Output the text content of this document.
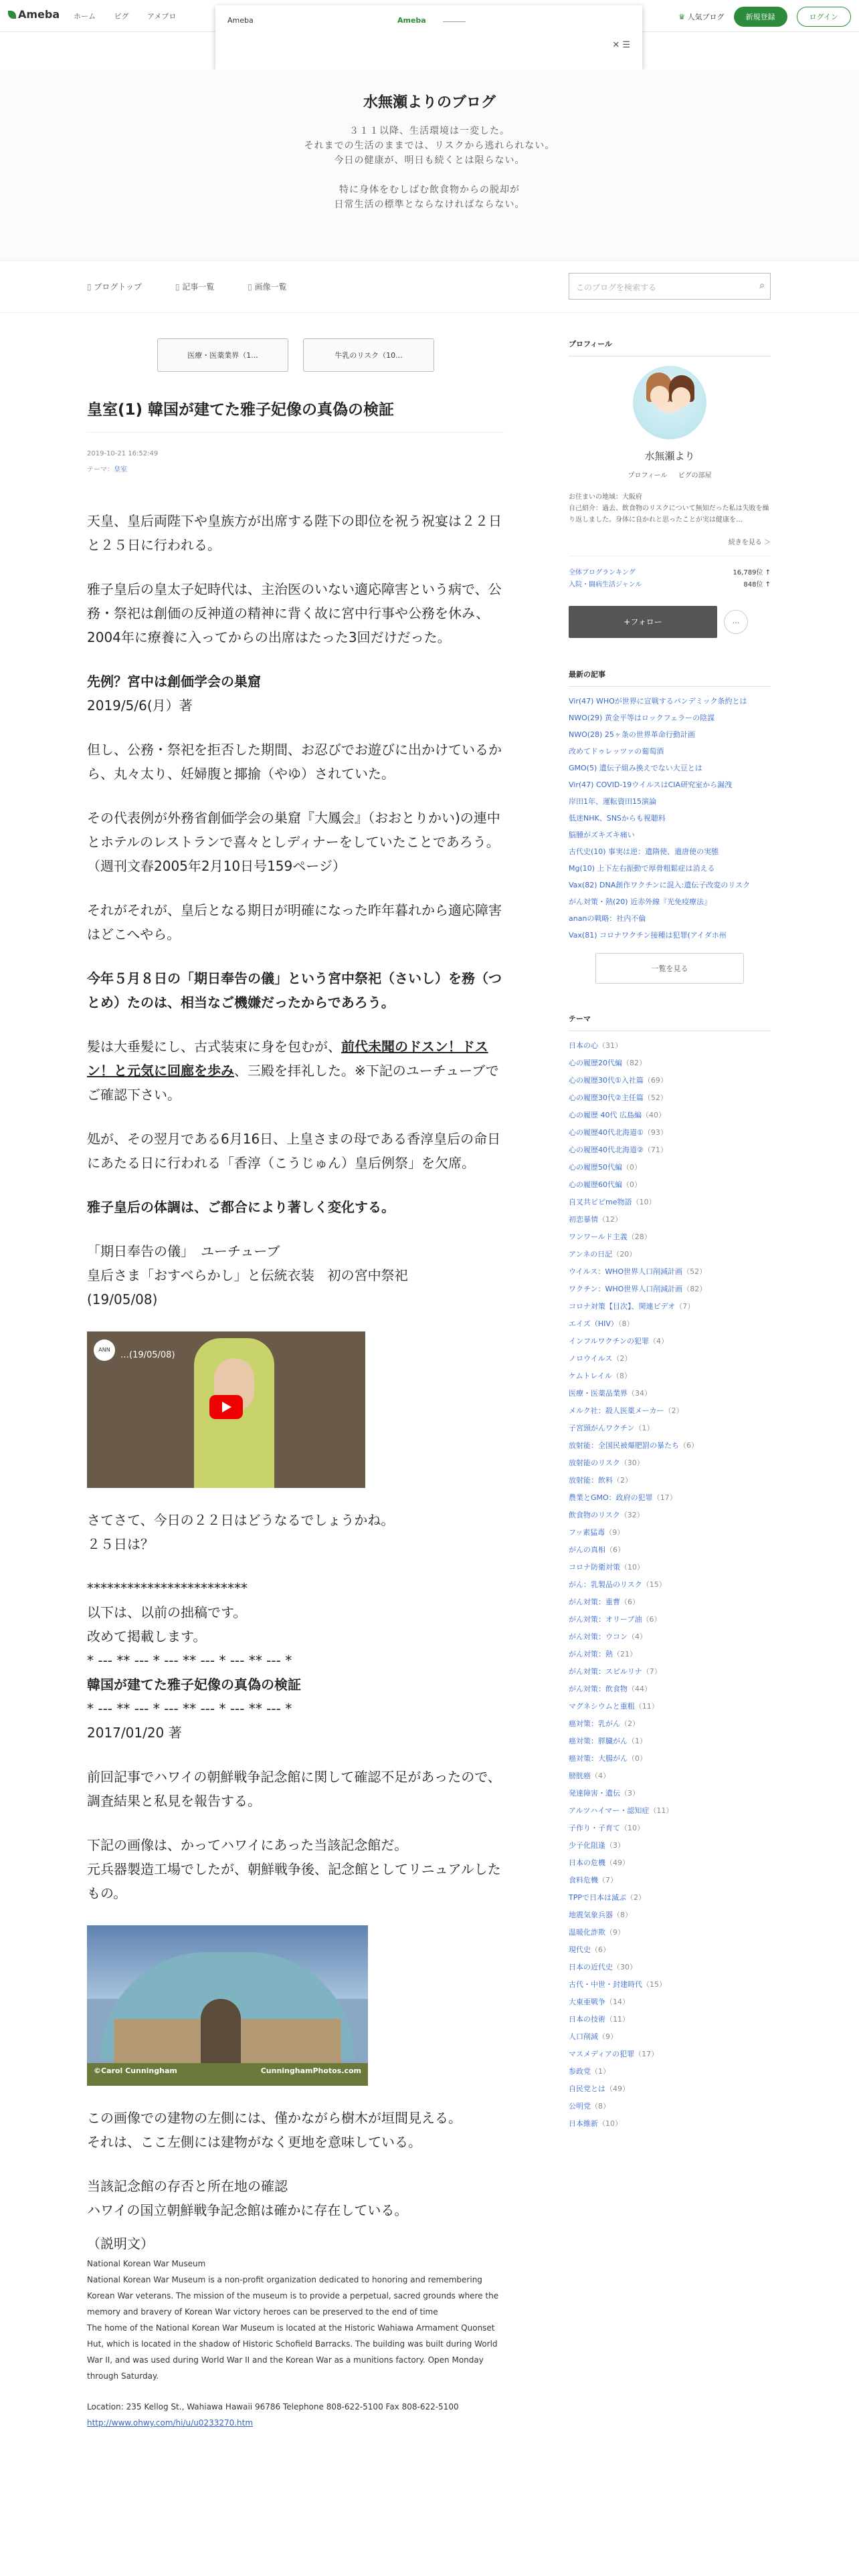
Ameba ホーム	ピグ	アメブロ	♛ 人気ブログ	新規登録	ログイン
Ameba	Ameba
✕ ☰
水無瀬よりのブログ
３１１以降、生活環境は一変した。
それまでの生活のままでは、リスクから逃れられない。
今日の健康が、明日も続くとは限らない。

特に身体をむしばむ飲食物からの脱却が
日常生活の標準とならなければならない。
▯ ブログトップ	▯ 記事一覧	▯ 画像一覧	このブログを検索する	⌕
医療・医薬業界（1...	牛乳のリスク（10...
皇室(1) 韓国が建てた雅子妃像の真偽の検証
2019-10-21 16:52:49
テーマ：皇室

天皇、皇后両陛下や皇族方が出席する陛下の即位を祝う祝宴は２２日と２５日に行われる。

雅子皇后の皇太子妃時代は、主治医のいない適応障害という病で、公務・祭祀は創価の反神道の精神に背く故に宮中行事や公務を休み、2004年に療養に入ってからの出席はたった3回だけだった。

先例？宮中は創価学会の巣窟
2019/5/6(月）著

但し、公務・祭祀を拒否した期間、お忍びでお遊びに出かけているから、丸々太り、妊婦腹と揶揄（やゆ）されていた。

その代表例が外務省創価学会の巣窟『大鳳会』（おおとりかい)の連中とホテルのレストランで喜々としディナーをしていたことであろう。（週刊文春2005年2月10日号159ページ）

それがそれが、皇后となる期日が明確になった昨年暮れから適応障害はどこへやら。

今年５月８日の「期日奉告の儀」という宮中祭祀（さいし）を務（つとめ）たのは、相当なご機嫌だったからであろう。

髪は大垂髪にし、古式装束に身を包むが、前代未聞のドスン！ドスン！と元気に回廊を歩み、三殿を拝礼した。※下記のユーチューブでご確認下さい。

処が、その翌月である6月16日、上皇さまの母である香淳皇后の命日にあたる日に行われる「香淳（こうじゅん）皇后例祭」を欠席。

雅子皇后の体調は、ご都合により著しく変化する。

「期日奉告の儀」　ユーチューブ
皇后さま「おすべらかし」と伝統衣装　初の宮中祭祀
(19/05/08)

ANN
…(19/05/08)

さてさて、今日の２２日はどうなるでしょうかね。
２５日は？

************************
以下は、以前の拙稿です。
改めて掲載します。
* --- ** --- * --- ** --- * --- ** --- *
韓国が建てた雅子妃像の真偽の検証
* --- ** --- * --- ** --- * --- ** --- *
2017/01/20 著

前回記事でハワイの朝鮮戦争記念館に関して確認不足があったので、調査結果と私見を報告する。

下記の画像は、かってハワイにあった当該記念館だ。
元兵器製造工場でしたが、朝鮮戦争後、記念館としてリニュアルしたもの。

©Carol Cunningham	CunninghamPhotos.com

この画像での建物の左側には、僅かながら樹木が垣間見える。
それは、ここ左側には建物がなく更地を意味している。

当該記念館の存否と所在地の確認
ハワイの国立朝鮮戦争記念館は確かに存在している。

（説明文）

National Korean War Museum
National Korean War Museum is a non-profit organization dedicated to honoring and remembering Korean War veterans. The mission of the museum is to provide a perpetual, sacred grounds where the memory and bravery of Korean War victory heroes can be preserved to the end of time
The home of the National Korean War Museum is located at the Historic Wahiawa Armament Quonset Hut, which is located in the shadow of Historic Schofield Barracks. The building was built during World War II, and was used during World War II and the Korean War as a munitions factory. Open Monday through Saturday.
Location: 235 Kellog St., Wahiawa Hawaii 96786 Telephone 808-622-5100 Fax 808-622-5100
http://www.ohwy.com/hi/u/u0233270.htm
プロフィール
水無瀬より
プロフィール ピグの部屋
お住まいの地域：大阪府
自己紹介：過去、飲食物のリスクについて無知だった私は失敗を繰り返しました。身体に良かれと思ったことが実は健康を…
続きを見る ＞
全体ブログランキング	16,789位 ↑
入院・闘病生活ジャンル	848位 ↑
+フォロー	…
最新の記事
Vir(47) WHOが世界に宣戦するパンデミック条約とは
NWO(29) 黄金平等はロックフェラーの陰謀
NWO(28) 25ヶ条の世界革命行動計画
改めてドゥレッツァの葡萄酒
GMO(5) 遺伝子組み換えでない大豆とは
Vir(47) COVID-19ウイルスはCIA研究室から漏洩
岸田1年、運転資田15演論
低迷NHK、SNSからも視聴料
脳腫がズキズキ痛い
古代史(10) 事実は逆：遺隋使、遣唐使の実態
Mg(10) 上下左右振動で厚骨粗鬆症は消える
Vax(82) DNA創作ワクチンに混入:遺伝子改変のリスク
がん対策・熱(20) 近赤外線『光免疫療法』
ananの戦略：社内不倫
Vax(81) コロナワクチン接種は犯罪(アイダホ州
一覧を見る
テーマ
日本の心（31）
心の履歴20代編（82）
心の履歴30代①入社篇（69）
心の履歴30代②主任篇（52）
心の履歴 40代 広島編（40）
心の履歴40代北海道①（93）
心の履歴40代北海道②（71）
心の履歴50代編（0）
心の履歴60代編（0）
自叉共ピピme物語（10）
初恋暴情（12）
ワンワールド主義（28）
アンネの日記（20）
ウイルス：WHO世界人口削減計画（52）
ワクチン：WHO世界人口削減計画（82）
コロナ対策【目次】、関連ビデオ（7）
エイズ（HIV）（8）
インフルワクチンの犯罪（4）
ノロウイルス（2）
ケムトレイル（8）
医療・医薬品業界（34）
メルク社：殺人医薬メーカー（2）
子宮頸がんワクチン（1）
放射能：全国民被爆肥罰の暴たち（6）
放射能のリスク（30）
放射能：飲料（2）
農業とGMO：政府の犯罪（17）
飲食物のリスク（32）
フッ素猛毒（9）
がんの真相（6）
コロナ防衛対策（10）
がん：乳製品のリスク（15）
がん対策：重曹（6）
がん対策：オリーブ油（6）
がん対策：ウコン（4）
がん対策：熱（21）
がん対策：スピルリナ（7）
がん対策：飲食物（44）
マグネシウムと重粗（11）
癌対策：乳がん（2）
癌対策：膵臓がん（1）
癌対策：大腸がん（0）
膀胱癌（4）
発達障害・遺伝（3）
アルツハイマー・認知症（11）
子作り・子育て（10）
少子化阻逢（3）
日本の危機（49）
食料危機（7）
TPPで日本は滅ぶ（2）
地震気象兵器（8）
温暖化詐欺（9）
現代史（6）
日本の近代史（30）
古代・中世・封建時代（15）
大東亜戦争（14）
日本の技術（11）
人口削減（9）
マスメディアの犯罪（17）
参政党（1）
自民党とは（49）
公明党（8）
日本維新（10）
